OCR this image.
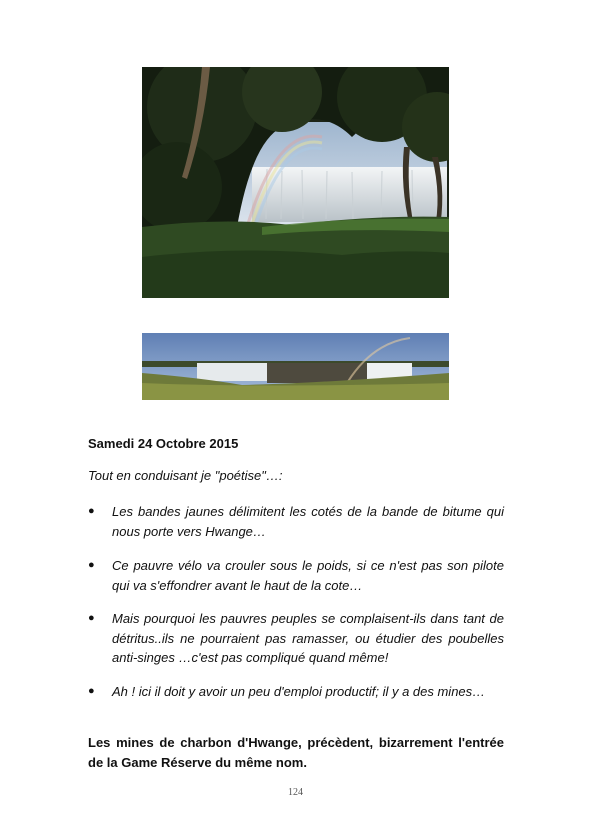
Samedi 24 Octobre 2015
Tout en conduisant je "poétise"…:
● Les bandes jaunes délimitent les cotés de la bande de bitume qui nous porte vers Hwange…
● Ce pauvre vélo va crouler sous le poids, si ce n'est pas son pilote qui va s'effondrer avant le haut de la cote…
● Mais pourquoi les pauvres peuples se complaisent-ils dans tant de détritus..ils ne pourraient pas ramasser, ou étudier des poubelles anti-singes …c'est pas compliqué quand même!
● Ah ! ici il doit y avoir un peu d'emploi productif; il y a des mines…
Les mines de charbon d'Hwange, précèdent, bizarrement l'entrée de la Game Réserve du même nom.
124
